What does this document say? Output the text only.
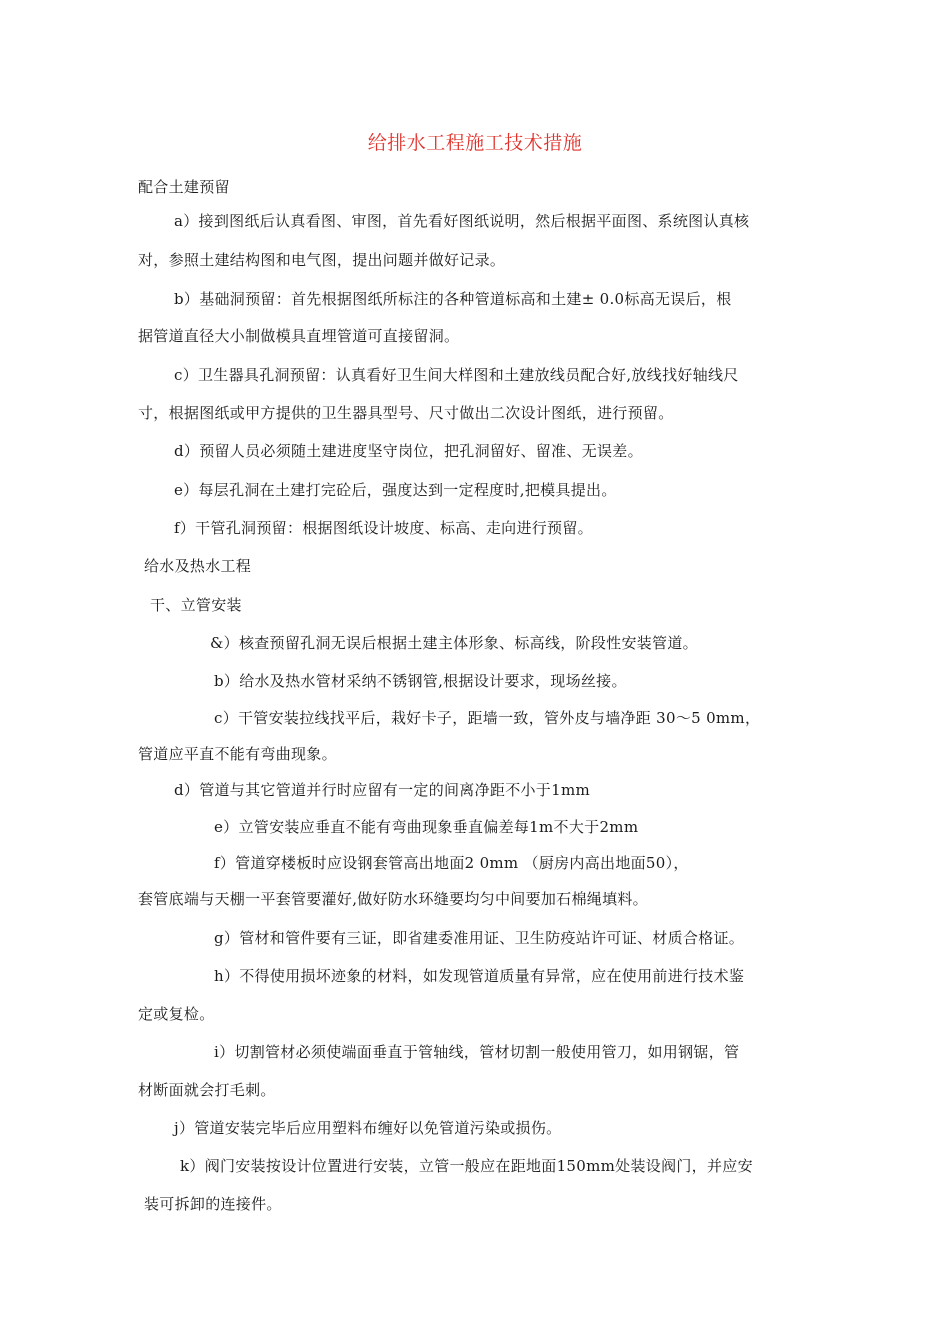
给排水工程施工技术措施
配合土建预留
a）接到图纸后认真看图、审图，首先看好图纸说明，然后根据平面图、系统图认真核
对，参照土建结构图和电气图，提出问题并做好记录。
b）基础洞预留：首先根据图纸所标注的各种管道标高和土建± 0.0标高无误后，根
据管道直径大小制做模具直埋管道可直接留洞。
c）卫生器具孔洞预留：认真看好卫生间大样图和土建放线员配合好,放线找好轴线尺
寸，根据图纸或甲方提供的卫生器具型号、尺寸做出二次设计图纸，进行预留。
d）预留人员必须随土建进度坚守岗位，把孔洞留好、留准、无误差。
e）每层孔洞在土建打完砼后，强度达到一定程度时,把模具提出。
f）干管孔洞预留：根据图纸设计坡度、标高、走向进行预留。
给水及热水工程
干、立管安装
&）核查预留孔洞无误后根据土建主体形象、标高线，阶段性安装管道。
b）给水及热水管材采纳不锈钢管,根据设计要求，现场丝接。
c）干管安装拉线找平后，栽好卡子，距墙一致，管外皮与墙净距 30〜5 0mm，
管道应平直不能有弯曲现象。
d）管道与其它管道并行时应留有一定的间离净距不小于1mm
e）立管安装应垂直不能有弯曲现象垂直偏差每1m不大于2mm
f）管道穿楼板时应设钢套管高出地面2 0mm （厨房内高出地面50），
套管底端与天棚一平套管要灌好,做好防水环缝要均匀中间要加石棉绳填料。
g）管材和管件要有三证，即省建委准用证、卫生防疫站许可证、材质合格证。
h）不得使用损坏迹象的材料，如发现管道质量有异常，应在使用前进行技术鉴
定或复检。
i）切割管材必须使端面垂直于管轴线，管材切割一般使用管刀，如用钢锯，管
材断面就会打毛刺。
j）管道安装完毕后应用塑料布缠好以免管道污染或损伤。
k）阀门安装按设计位置进行安装，立管一般应在距地面150mm处装设阀门，并应安
装可拆卸的连接件。
